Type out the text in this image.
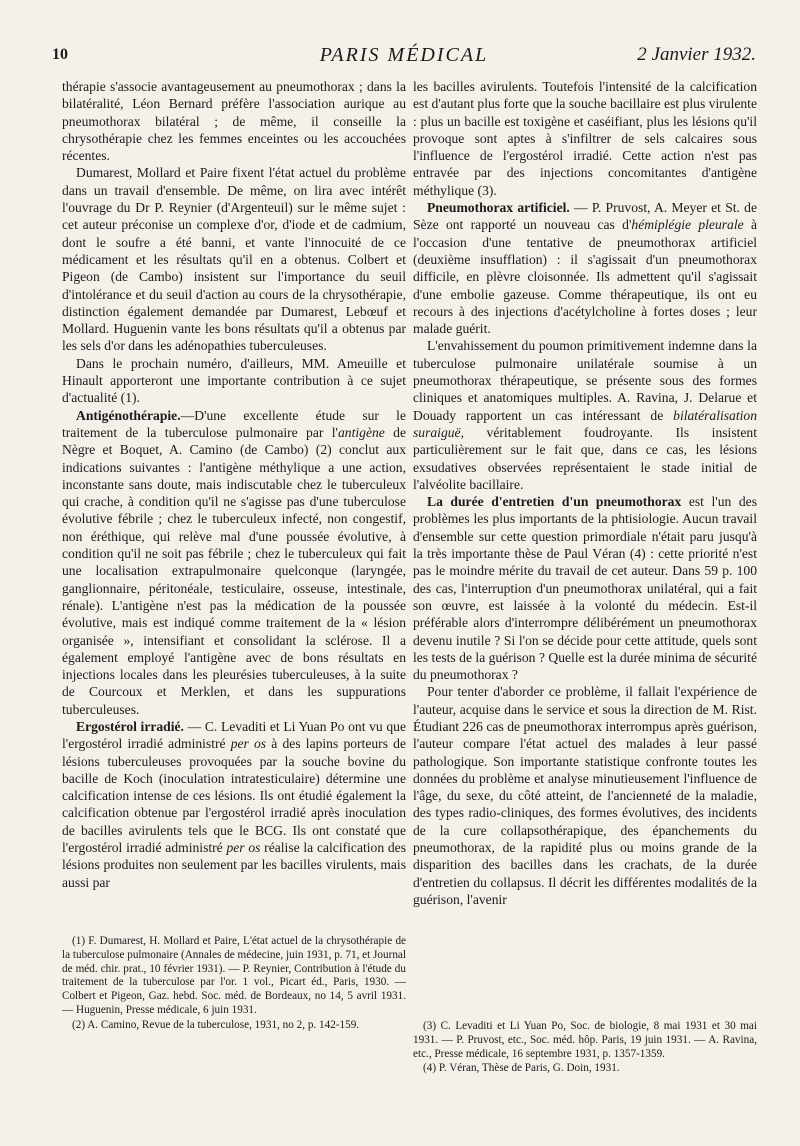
10	PARIS MÉDICAL	2 Janvier 1932.

thérapie s'associe avantageusement au pneumothorax ; dans la bilatéralité, Léon Bernard préfère l'association aurique au pneumothorax bilatéral ; de même, il conseille la chrysothérapie chez les femmes enceintes ou les accouchées récentes.

Dumarest, Mollard et Paire fixent l'état actuel du problème dans un travail d'ensemble. De même, on lira avec intérêt l'ouvrage du Dr P. Reynier (d'Argenteuil) sur le même sujet : cet auteur préconise un complexe d'or, d'iode et de cadmium, dont le soufre a été banni, et vante l'innocuité de ce médicament et les résultats qu'il en a obtenus. Colbert et Pigeon (de Cambo) insistent sur l'importance du seuil d'intolérance et du seuil d'action au cours de la chrysothérapie, distinction également demandée par Dumarest, Lebœuf et Mollard. Huguenin vante les bons résultats qu'il a obtenus par les sels d'or dans les adénopathies tuberculeuses.

Dans le prochain numéro, d'ailleurs, MM. Ameuille et Hinault apporteront une importante contribution à ce sujet d'actualité (1).

Antigénothérapie.—D'une excellente étude sur le traitement de la tuberculose pulmonaire par l'antigène de Nègre et Boquet, A. Camino (de Cambo) (2) conclut aux indications suivantes : l'antigène méthylique a une action, inconstante sans doute, mais indiscutable chez le tuberculeux qui crache, à condition qu'il ne s'agisse pas d'une tuberculose évolutive fébrile ; chez le tuberculeux infecté, non congestif, non éréthique, qui relève mal d'une poussée évolutive, à condition qu'il ne soit pas fébrile ; chez le tuberculeux qui fait une localisation extrapulmonaire quelconque (laryngée, ganglionnaire, péritonéale, testiculaire, osseuse, intestinale, rénale). L'antigène n'est pas la médication de la poussée évolutive, mais est indiqué comme traitement de la « lésion organisée », intensifiant et consolidant la sclérose. Il a également employé l'antigène avec de bons résultats en injections locales dans les pleurésies tuberculeuses, à la suite de Courcoux et Merklen, et dans les suppurations tuberculeuses.

Ergostérol irradié. — C. Levaditi et Li Yuan Po ont vu que l'ergostérol irradié administré per os à des lapins porteurs de lésions tuberculeuses provoquées par la souche bovine du bacille de Koch (inoculation intratesticulaire) détermine une calcification intense de ces lésions. Ils ont étudié également la calcification obtenue par l'ergostérol irradié après inoculation de bacilles avirulents tels que le BCG. Ils ont constaté que l'ergostérol irradié administré per os réalise la calcification des lésions produites non seulement par les bacilles virulents, mais aussi par

(1) F. Dumarest, H. Mollard et Paire, L'état actuel de la chrysothérapie de la tuberculose pulmonaire (Annales de médecine, juin 1931, p. 71, et Journal de méd. chir. prat., 10 février 1931). — P. Reynier, Contribution à l'étude du traitement de la tuberculose par l'or. 1 vol., Picart éd., Paris, 1930. — Colbert et Pigeon, Gaz. hebd. Soc. méd. de Bordeaux, no 14, 5 avril 1931. — Huguenin, Presse médicale, 6 juin 1931.

(2) A. Camino, Revue de la tuberculose, 1931, no 2, p. 142-159.

les bacilles avirulents. Toutefois l'intensité de la calcification est d'autant plus forte que la souche bacillaire est plus virulente : plus un bacille est toxigène et caséifiant, plus les lésions qu'il provoque sont aptes à s'infiltrer de sels calcaires sous l'influence de l'ergostérol irradié. Cette action n'est pas entravée par des injections concomitantes d'antigène méthylique (3).

Pneumothorax artificiel. — P. Pruvost, A. Meyer et St. de Sèze ont rapporté un nouveau cas d'hémiplégie pleurale à l'occasion d'une tentative de pneumothorax artificiel (deuxième insufflation) : il s'agissait d'un pneumothorax difficile, en plèvre cloisonnée. Ils admettent qu'il s'agissait d'une embolie gazeuse. Comme thérapeutique, ils ont eu recours à des injections d'acétylcholine à fortes doses ; leur malade guérit.

L'envahissement du poumon primitivement indemne dans la tuberculose pulmonaire unilatérale soumise à un pneumothorax thérapeutique, se présente sous des formes cliniques et anatomiques multiples. A. Ravina, J. Delarue et Douady rapportent un cas intéressant de bilatéralisation suraiguë, véritablement foudroyante. Ils insistent particulièrement sur le fait que, dans ce cas, les lésions exsudatives observées représentaient le stade initial de l'alvéolite bacillaire.

La durée d'entretien d'un pneumothorax est l'un des problèmes les plus importants de la phtisiologie. Aucun travail d'ensemble sur cette question primordiale n'était paru jusqu'à la très importante thèse de Paul Véran (4) : cette priorité n'est pas le moindre mérite du travail de cet auteur. Dans 59 p. 100 des cas, l'interruption d'un pneumothorax unilatéral, qui a fait son œuvre, est laissée à la volonté du médecin. Est-il préférable alors d'interrompre délibérément un pneumothorax devenu inutile ? Si l'on se décide pour cette attitude, quels sont les tests de la guérison ? Quelle est la durée minima de sécurité du pneumothorax ?

Pour tenter d'aborder ce problème, il fallait l'expérience de l'auteur, acquise dans le service et sous la direction de M. Rist. Étudiant 226 cas de pneumothorax interrompus après guérison, l'auteur compare l'état actuel des malades à leur passé pathologique. Son importante statistique confronte toutes les données du problème et analyse minutieusement l'influence de l'âge, du sexe, du côté atteint, de l'ancienneté de la maladie, des types radio-cliniques, des formes évolutives, des incidents de la cure collapsothérapique, des épanchements du pneumothorax, de la rapidité plus ou moins grande de la disparition des bacilles dans les crachats, de la durée d'entretien du collapsus. Il décrit les différentes modalités de la guérison, l'avenir

(3) C. Levaditi et Li Yuan Po, Soc. de biologie, 8 mai 1931 et 30 mai 1931. — P. Pruvost, etc., Soc. méd. hôp. Paris, 19 juin 1931. — A. Ravina, etc., Presse médicale, 16 septembre 1931, p. 1357-1359.

(4) P. Véran, Thèse de Paris, G. Doin, 1931.
